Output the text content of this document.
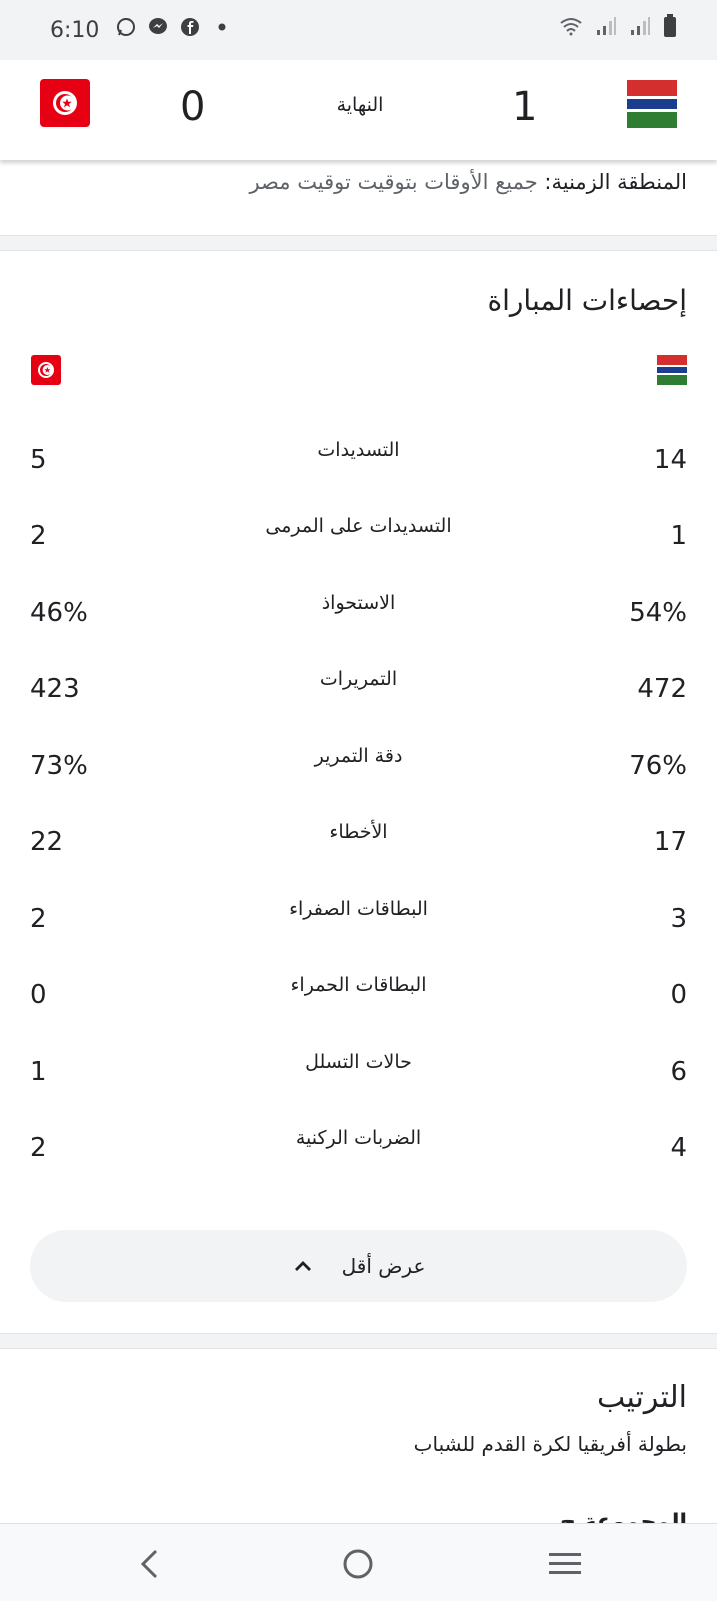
6:10
1
النهاية
0
المنطقة الزمنية: جميع الأوقات بتوقيت توقيت مصر
إحصاءات المباراة
14
التسديدات
5
1
التسديدات على المرمى
2
54%
الاستحواذ
46%
472
التمريرات
423
76%
دقة التمرير
73%
17
الأخطاء
22
3
البطاقات الصفراء
2
0
البطاقات الحمراء
0
6
حالات التسلل
1
4
الضربات الركنية
2
عرض أقل
الترتيب
بطولة أفريقيا لكرة القدم للشباب
